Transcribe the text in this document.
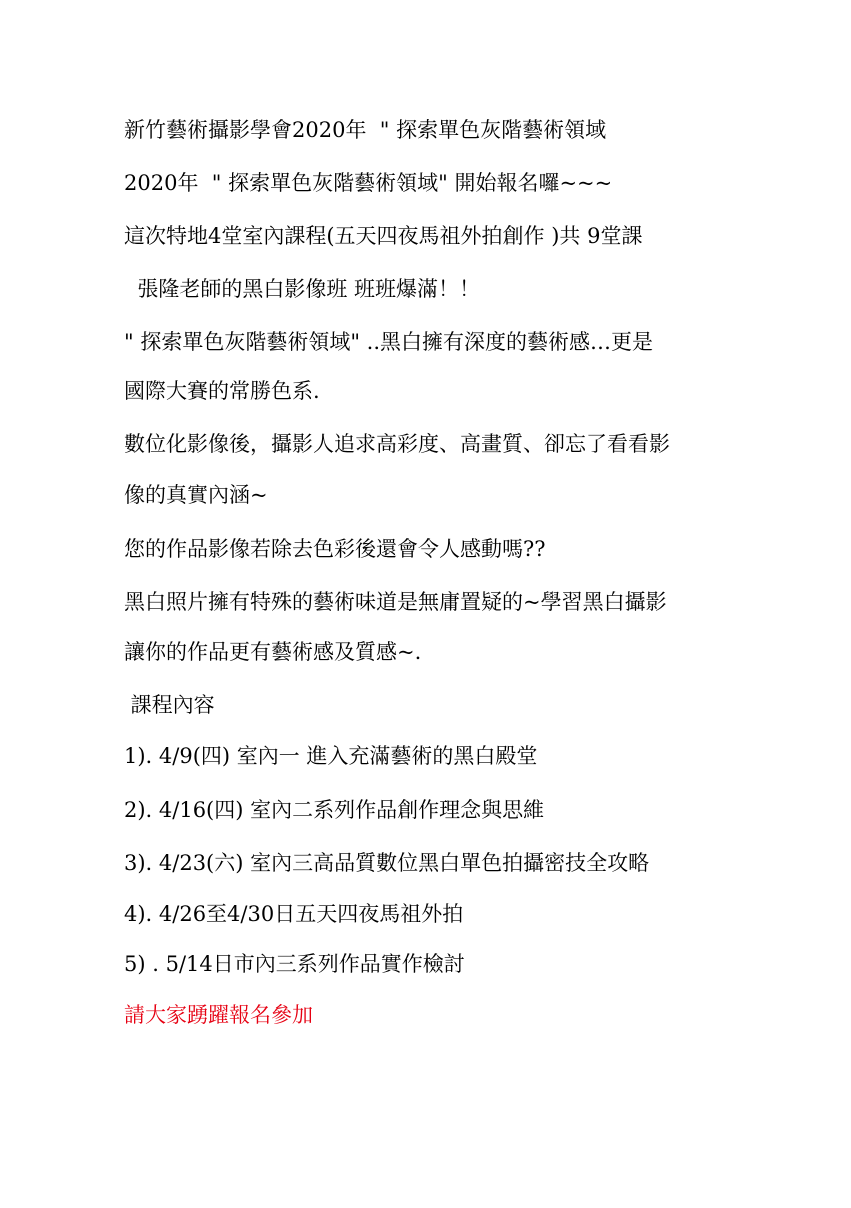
新竹藝術攝影學會2020年  " 探索單色灰階藝術領域

2020年  " 探索單色灰階藝術領域" 開始報名囉~~~

這次特地4堂室內課程(五天四夜馬祖外拍創作 )共 9堂課

張隆老師的黑白影像班 班班爆滿！！

" 探索單色灰階藝術領域" ..黑白擁有深度的藝術感…更是

國際大賽的常勝色系.

數位化影像後，攝影人追求高彩度、高畫質、卻忘了看看影

像的真實內涵~

您的作品影像若除去色彩後還會令人感動嗎??

黑白照片擁有特殊的藝術味道是無庸置疑的~學習黑白攝影

讓你的作品更有藝術感及質感~.

課程內容

1). 4/9(四) 室內一 進入充滿藝術的黑白殿堂

2). 4/16(四) 室內二系列作品創作理念與思維

3). 4/23(六) 室內三高品質數位黑白單色拍攝密技全攻略

4). 4/26至4/30日五天四夜馬祖外拍

5) . 5/14日市內三系列作品實作檢討

請大家踴躍報名參加
